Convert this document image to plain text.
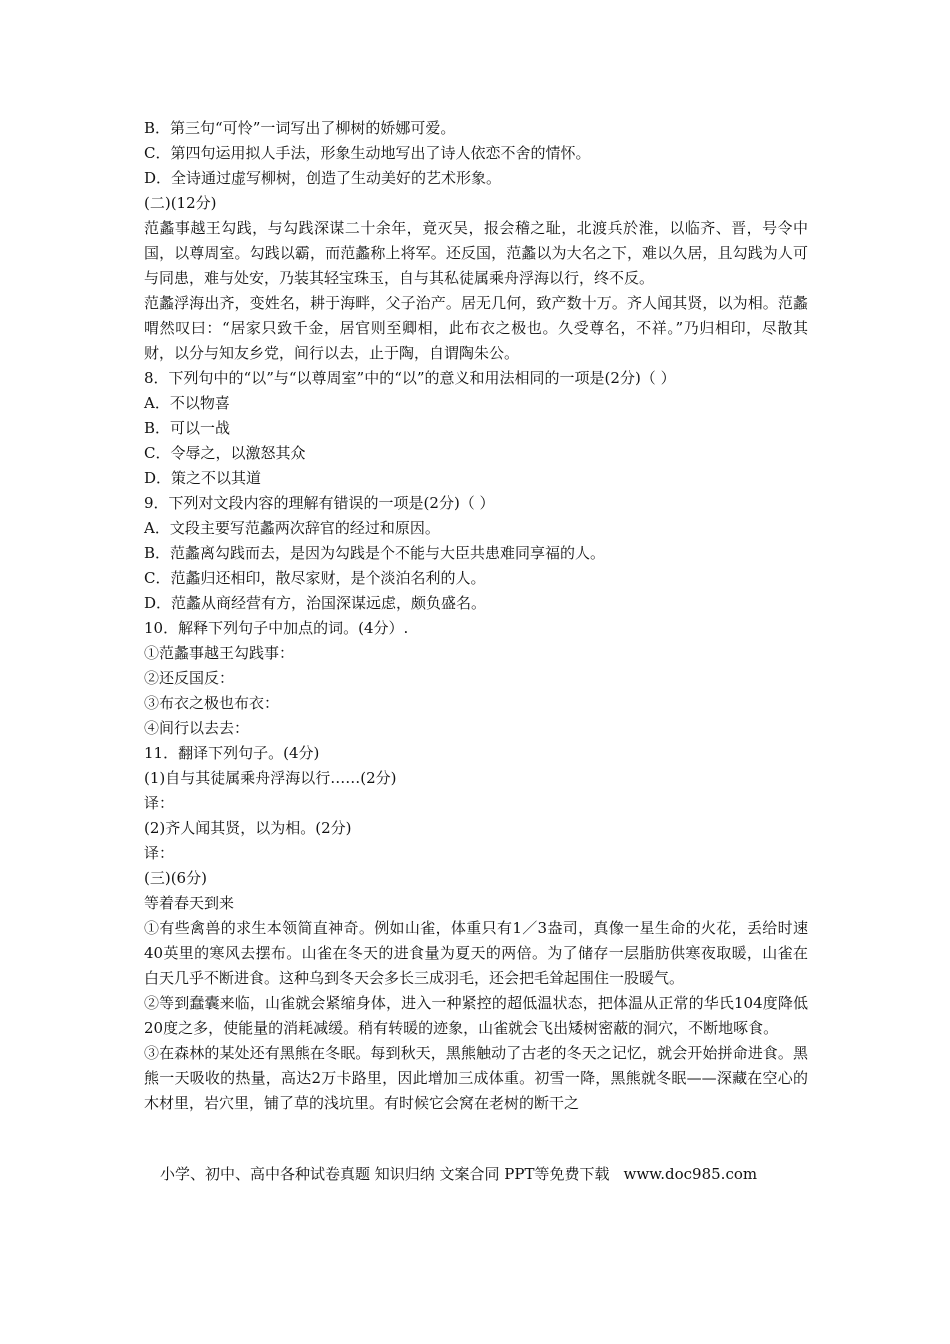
B．第三句“可怜”一词写出了柳树的娇娜可爱。

C．第四句运用拟人手法，形象生动地写出了诗人依恋不舍的情怀。

D．全诗通过虚写柳树，创造了生动美好的艺术形象。

(二)(12分)

范蠡事越王勾践，与勾践深谋二十余年，竟灭吴，报会稽之耻，北渡兵於淮，以临齐、晋，号令中国，以尊周室。勾践以霸，而范蠡称上将军。还反国，范蠡以为大名之下，难以久居，且勾践为人可与同患，难与处安，乃装其轻宝珠玉，自与其私徒属乘舟浮海以行，终不反。

范蠡浮海出齐，变姓名，耕于海畔，父子治产。居无几何，致产数十万。齐人闻其贤，以为相。范蠡喟然叹曰：“居家只致千金，居官则至卿相，此布衣之极也。久受尊名，不祥。”乃归相印，尽散其财，以分与知友乡党，间行以去，止于陶，自谓陶朱公。

8．下列句中的“以”与“以尊周室”中的“以”的意义和用法相同的一项是(2分)（ ）

A．不以物喜

B．可以一战

C．令辱之，以激怒其众

D．策之不以其道

9．下列对文段内容的理解有错误的一项是(2分)（ ）

A．文段主要写范蠡两次辞官的经过和原因。

B．范蠡离勾践而去，是因为勾践是个不能与大臣共患难同享福的人。

C．范蠡归还相印，散尽家财，是个淡泊名利的人。

D．范蠡从商经营有方，治国深谋远虑，颇负盛名。

10．解释下列句子中加点的词。(4分）.

①范蠡事越王勾践事：

②还反国反：

③布衣之极也布衣：

④间行以去去：

11．翻译下列句子。(4分)

(1)自与其徒属乘舟浮海以行……(2分)

译：

(2)齐人闻其贤，以为相。(2分)

译：

(三)(6分)

等着春天到来

①有些禽兽的求生本领简直神奇。例如山雀，体重只有1／3盎司，真像一星生命的火花，丢给时速40英里的寒风去摆布。山雀在冬天的进食量为夏天的两倍。为了储存一层脂肪供寒夜取暖，山雀在白天几乎不断进食。这种乌到冬天会多长三成羽毛，还会把毛耸起围住一股暖气。

②等到蠢囊来临，山雀就会紧缩身体，进入一种紧控的超低温状态，把体温从正常的华氏104度降低20度之多，使能量的消耗减缓。稍有转暖的迹象，山雀就会飞出矮树密蔽的洞穴，不断地啄食。

③在森林的某处还有黑熊在冬眠。每到秋天，黑熊触动了古老的冬天之记忆，就会开始拼命进食。黑熊一天吸收的热量，高达2万卡路里，因此增加三成体重。初雪一降，黑熊就冬眠——深藏在空心的木材里，岩穴里，铺了草的浅坑里。有时候它会窝在老树的断干之

小学、初中、高中各种试卷真题 知识归纳 文案合同 PPT等免费下载 www.doc985.com
